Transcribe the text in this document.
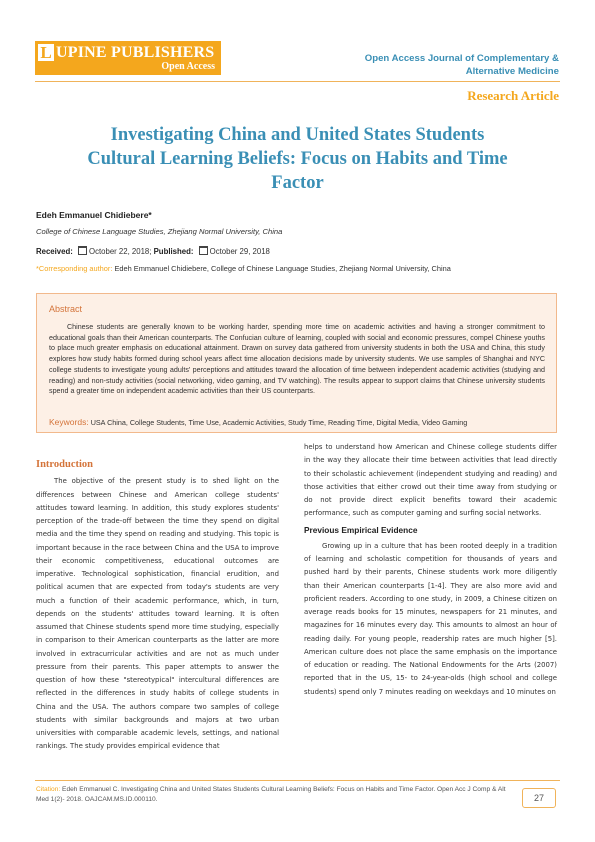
L UPINE PUBLISHERS
Open Access
Open Access Journal of Complementary & Alternative Medicine
Research Article
Investigating China and United States Students Cultural Learning Beliefs: Focus on Habits and Time Factor
Edeh Emmanuel Chidiebere*
College of Chinese Language Studies, Zhejiang Normal University, China
Received: October 22, 2018; Published: October 29, 2018
*Corresponding author: Edeh Emmanuel Chidiebere, College of Chinese Language Studies, Zhejiang Normal University, China
Abstract

Chinese students are generally known to be working harder, spending more time on academic activities and having a stronger commitment to educational goals than their American counterparts. The Confucian culture of learning, coupled with social and economic pressures, compel Chinese youths to place much greater emphasis on educational attainment. Drawn on survey data gathered from university students in both the USA and China, this study explores how study habits formed during school years affect time allocation decisions made by university students. We use samples of Shanghai and NYC college students to investigate young adults' perceptions and attitudes toward the allocation of time between independent academic activities (studying and reading) and non-study activities (social networking, video gaming, and TV watching). The results appear to support claims that Chinese university students spend a greater time on independent academic activities than their US counterparts.

Keywords: USA China, College Students, Time Use, Academic Activities, Study Time, Reading Time, Digital Media, Video Gaming
Introduction

The objective of the present study is to shed light on the differences between Chinese and American college students' attitudes toward learning. In addition, this study explores students' perception of the trade-off between the time they spend on digital media and the time they spend on reading and studying. This topic is important because in the race between China and the USA to improve their economic competitiveness, educational outcomes are imperative. Technological sophistication, financial erudition, and political acumen that are expected from today's students are very much a function of their academic performance, which, in turn, depends on the students' attitudes toward learning. It is often assumed that Chinese students spend more time studying, especially in comparison to their American counterparts as the latter are more involved in extracurricular activities and are not as much under pressure from their parents. This paper attempts to answer the question of how these "stereotypical" intercultural differences are reflected in the differences in study habits of college students in China and the USA. The authors compare two samples of college students with similar backgrounds and majors at two urban universities with comparable academic levels, settings, and national rankings. The study provides empirical evidence that

helps to understand how American and Chinese college students differ in the way they allocate their time between activities that lead directly to their scholastic achievement (independent studying and reading) and those activities that either crowd out their time away from studying or do not provide direct explicit benefits toward their academic performance, such as computer gaming and surfing social networks.

Previous Empirical Evidence

Growing up in a culture that has been rooted deeply in a tradition of learning and scholastic competition for thousands of years and pushed hard by their parents, Chinese students work more diligently than their American counterparts [1-4]. They are also more avid and proficient readers. According to one study, in 2009, a Chinese citizen on average reads books for 15 minutes, newspapers for 21 minutes, and magazines for 16 minutes every day. This amounts to almost an hour of reading daily. For young people, readership rates are much higher [5]. American culture does not place the same emphasis on the importance of education or reading. The National Endowments for the Arts (2007) reported that in the US, 15- to 24-year-olds (high school and college students) spend only 7 minutes reading on weekdays and 10 minutes on

Citation: Edeh Emmanuel C. Investigating China and United States Students Cultural Learning Beliefs: Focus on Habits and Time Factor. Open Acc J Comp & Alt Med 1(2)- 2018. OAJCAM.MS.ID.000110.	27
